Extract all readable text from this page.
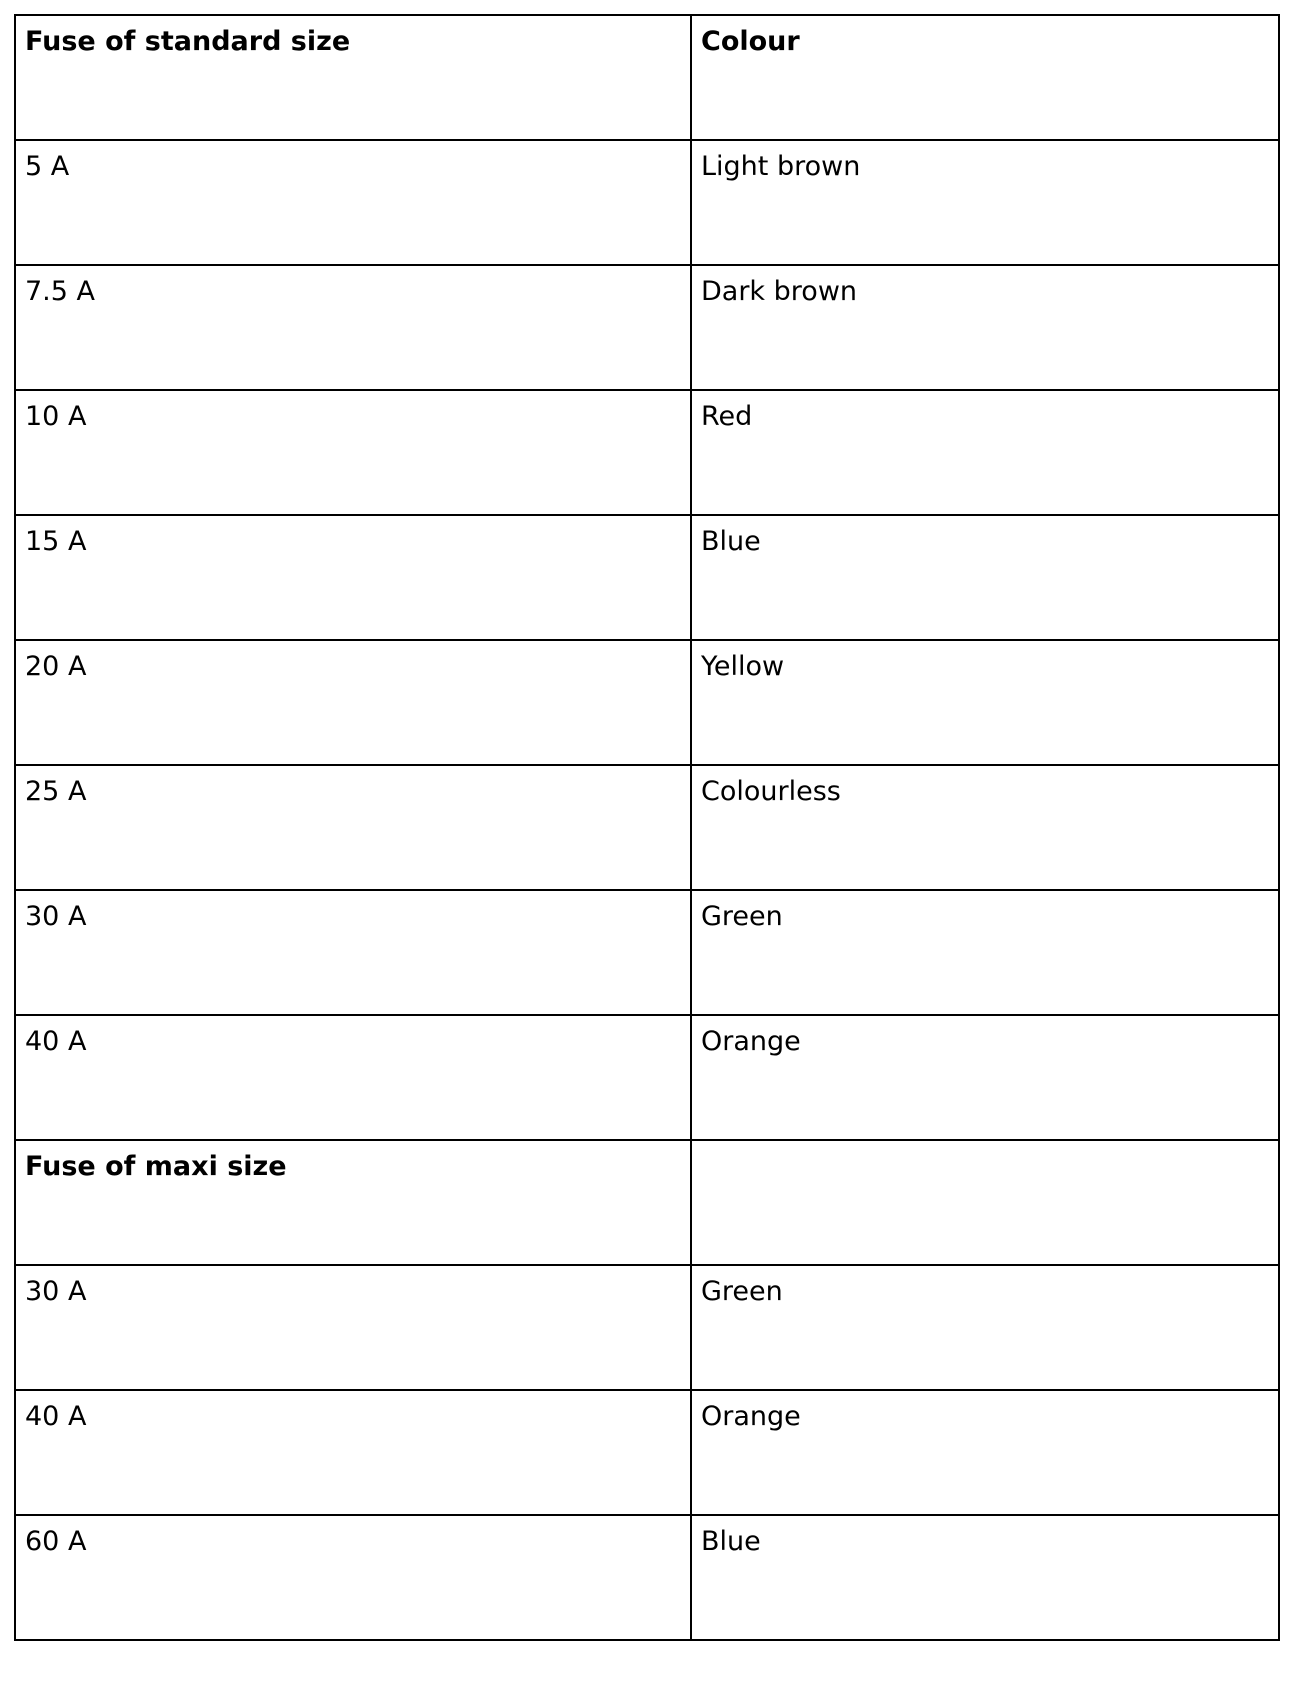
Fuse of standard size	Colour
5 A	Light brown
7.5 A	Dark brown
10 A	Red
15 A	Blue
20 A	Yellow
25 A	Colourless
30 A	Green
40 A	Orange
Fuse of maxi size	
30 A	Green
40 A	Orange
60 A	Blue
